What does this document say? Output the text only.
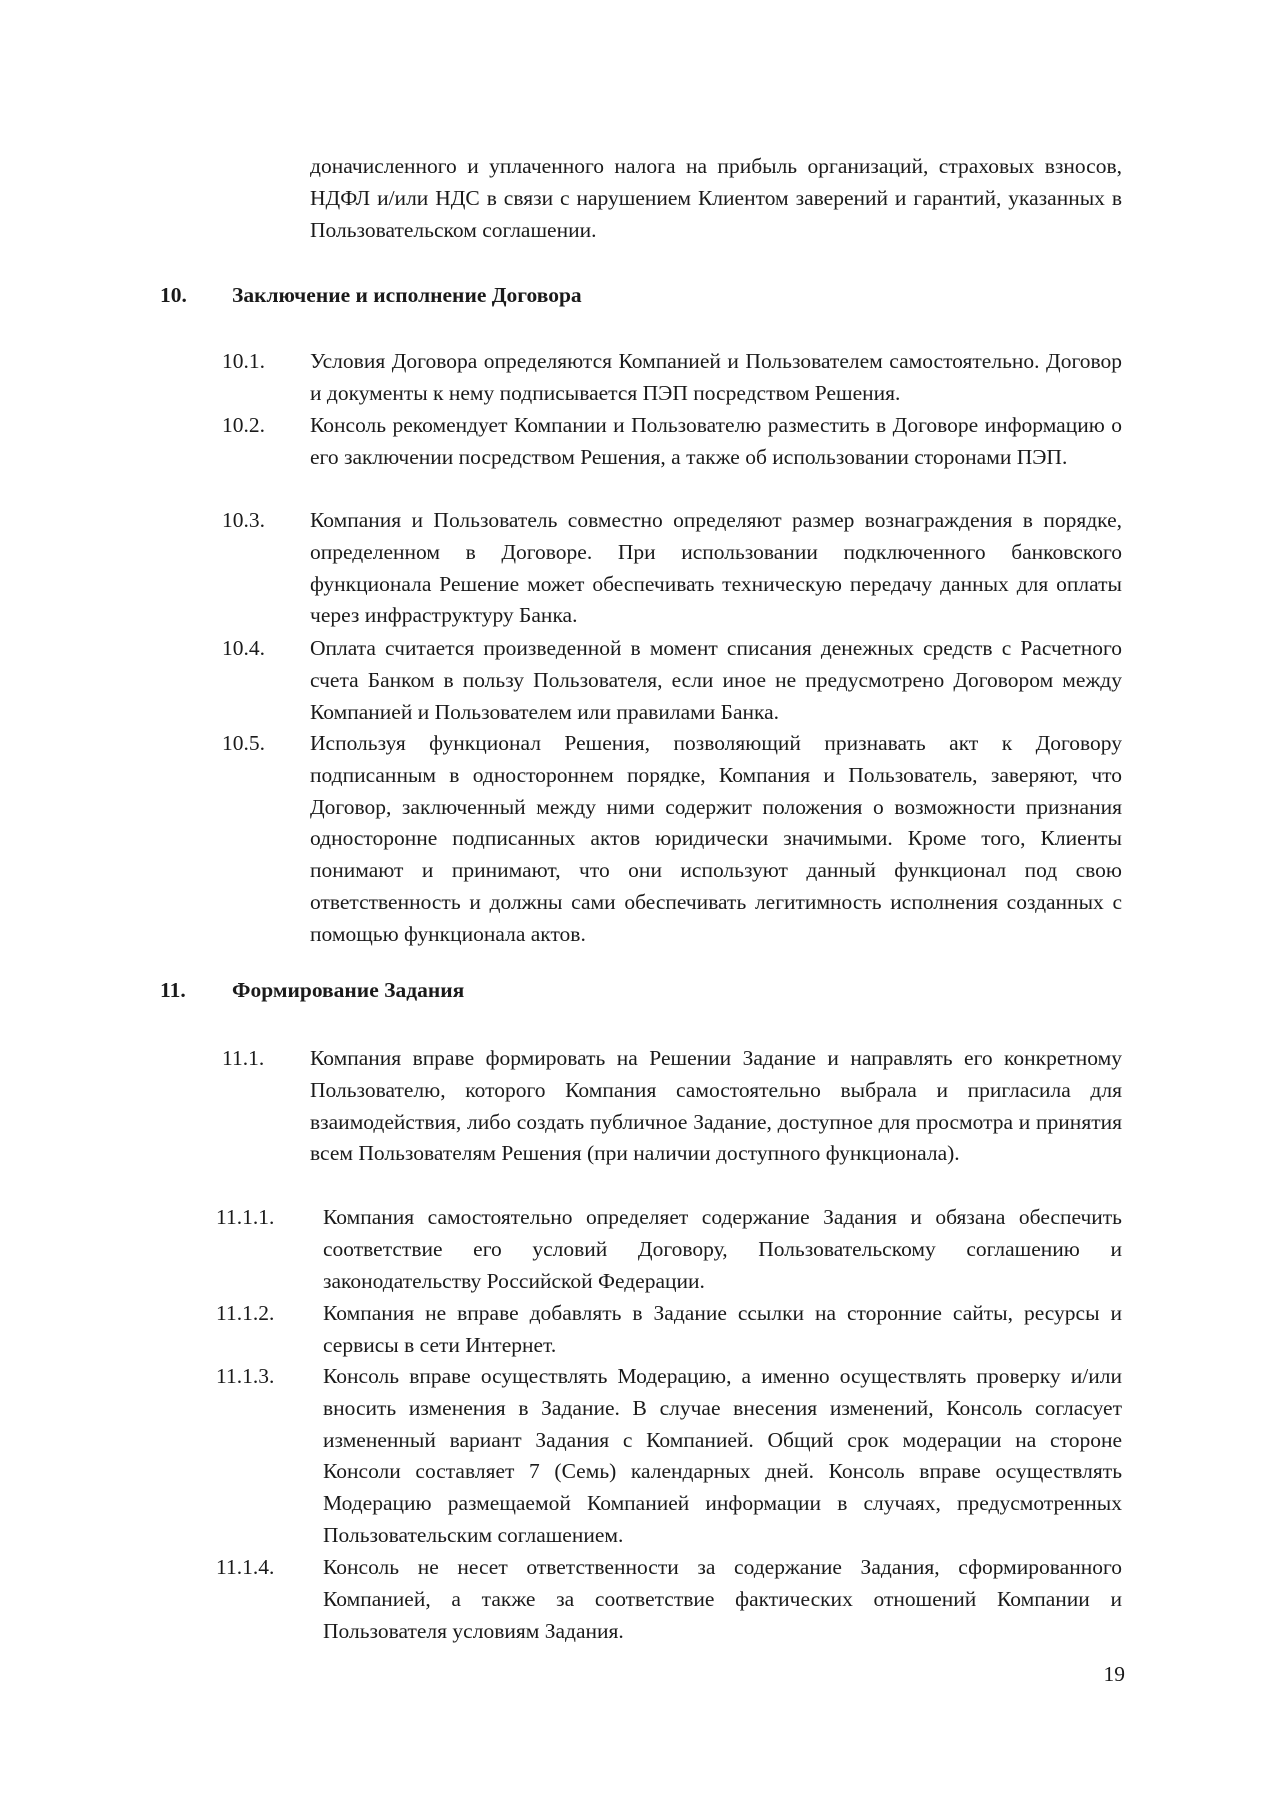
доначисленного и уплаченного налога на прибыль организаций, страховых взносов, НДФЛ и/или НДС в связи с нарушением Клиентом заверений и гарантий, указанных в Пользовательском соглашении.

10. Заключение и исполнение Договора
10.1. Условия Договора определяются Компанией и Пользователем самостоятельно. Договор и документы к нему подписывается ПЭП посредством Решения.
10.2. Консоль рекомендует Компании и Пользователю разместить в Договоре информацию о его заключении посредством Решения, а также об использовании сторонами ПЭП.
10.3. Компания и Пользователь совместно определяют размер вознаграждения в порядке, определенном в Договоре. При использовании подключенного банковского функционала Решение может обеспечивать техническую передачу данных для оплаты через инфраструктуру Банка.
10.4. Оплата считается произведенной в момент списания денежных средств с Расчетного счета Банком в пользу Пользователя, если иное не предусмотрено Договором между Компанией и Пользователем или правилами Банка.
10.5. Используя функционал Решения, позволяющий признавать акт к Договору подписанным в одностороннем порядке, Компания и Пользователь, заверяют, что Договор, заключенный между ними содержит положения о возможности признания односторонне подписанных актов юридически значимыми. Кроме того, Клиенты понимают и принимают, что они используют данный функционал под свою ответственность и должны сами обеспечивать легитимность исполнения созданных с помощью функционала актов.
11. Формирование Задания
11.1. Компания вправе формировать на Решении Задание и направлять его конкретному Пользователю, которого Компания самостоятельно выбрала и пригласила для взаимодействия, либо создать публичное Задание, доступное для просмотра и принятия всем Пользователям Решения (при наличии доступного функционала).
11.1.1. Компания самостоятельно определяет содержание Задания и обязана обеспечить соответствие его условий Договору, Пользовательскому соглашению и законодательству Российской Федерации.
11.1.2. Компания не вправе добавлять в Задание ссылки на сторонние сайты, ресурсы и сервисы в сети Интернет.
11.1.3. Консоль вправе осуществлять Модерацию, а именно осуществлять проверку и/или вносить изменения в Задание. В случае внесения изменений, Консоль согласует измененный вариант Задания с Компанией. Общий срок модерации на стороне Консоли составляет 7 (Семь) календарных дней. Консоль вправе осуществлять Модерацию размещаемой Компанией информации в случаях, предусмотренных Пользовательским соглашением.
11.1.4. Консоль не несет ответственности за содержание Задания, сформированного Компанией, а также за соответствие фактических отношений Компании и Пользователя условиям Задания.
19
